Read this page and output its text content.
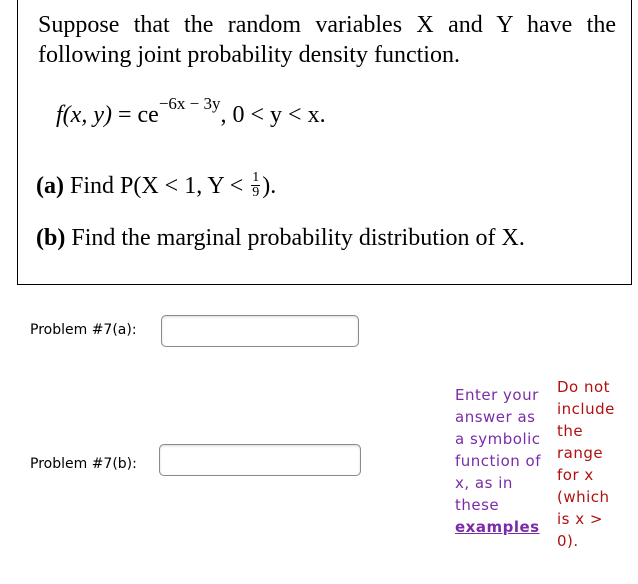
Suppose that the random variables X and Y have the
following joint probability density function.
f(x, $y) = ce^{-6x - 3y}$, 0 < y < x.
(a) Find P(X < 1, $Y < \frac{1}{9}$ ).
(b) Find the marginal probability distribution of X.
Problem #7(a):
Problem #7(b):
Enter your answer as a symbolic function of x, as in these examples
Do not include the range for x (which is x > 0).
